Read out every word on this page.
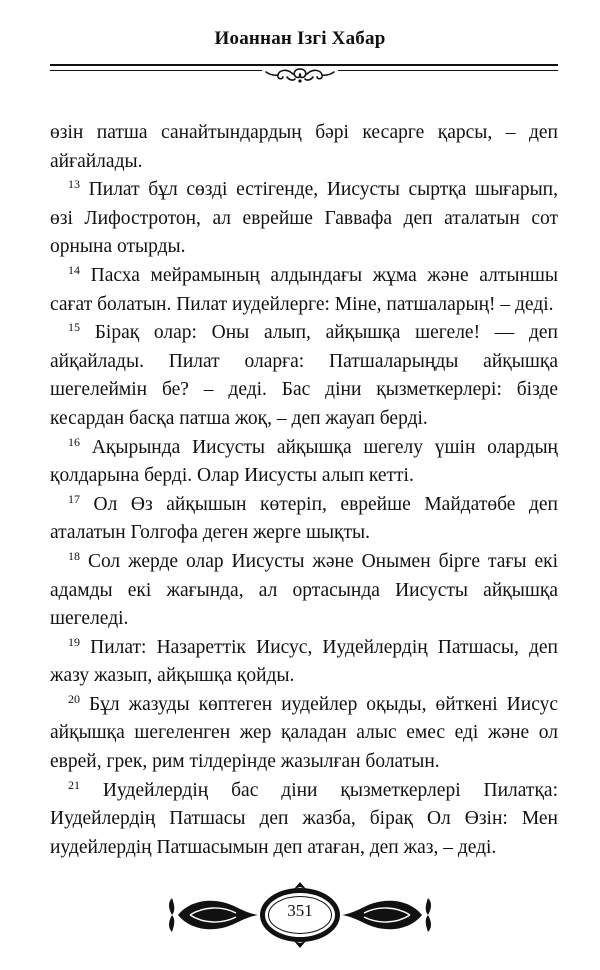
Иоаннан Ізгі Хабар

өзін патша санайтындардың бәрі кесарге қарсы, – деп айғайлады.

$^{13}$ Пилат бұл сөзді естігенде, Иисусты сыртқа шығарып, өзі Лифостротон, ал еврейше Гаввафа деп аталатын сот орнына отырды.

$^{14}$ Пасха мейрамының алдындағы жұма және алтыншы сағат болатын. Пилат иудейлерге: Міне, патшаларың! – деді.

$^{15}$ Бірақ олар: Оны алып, айқышқа шегеле! — деп айқайлады. Пилат оларға: Патшаларыңды айқышқа шегелеймін бе? – деді. Бас діни қызметкерлері: бізде кесардан басқа патша жоқ, – деп жауап берді.

$^{16}$ Ақырында Иисусты айқышқа шегелу үшін олардың қолдарына берді. Олар Иисусты алып кетті.

$^{17}$ Ол Өз айқышын көтеріп, еврейше Майдатөбе деп аталатын Голгофа деген жерге шықты.

$^{18}$ Сол жерде олар Иисусты және Онымен бірге тағы екі адамды екі жағында, ал ортасында Иисусты айқышқа шегеледі.

$^{19}$ Пилат: Назареттік Иисус, Иудейлердің Патшасы, деп жазу жазып, айқышқа қойды.

$^{20}$ Бұл жазуды көптеген иудейлер оқыды, өйткені Иисус айқышқа шегеленген жер қаладан алыс емес еді және ол еврей, грек, рим тілдерінде жазылған болатын.

$^{21}$ Иудейлердің бас діни қызметкерлері Пилатқа: Иудейлердің Патшасы деп жазба, бірақ Ол Өзін: Мен иудейлердің Патшасымын деп атаған, деп жаз, – деді.

351
